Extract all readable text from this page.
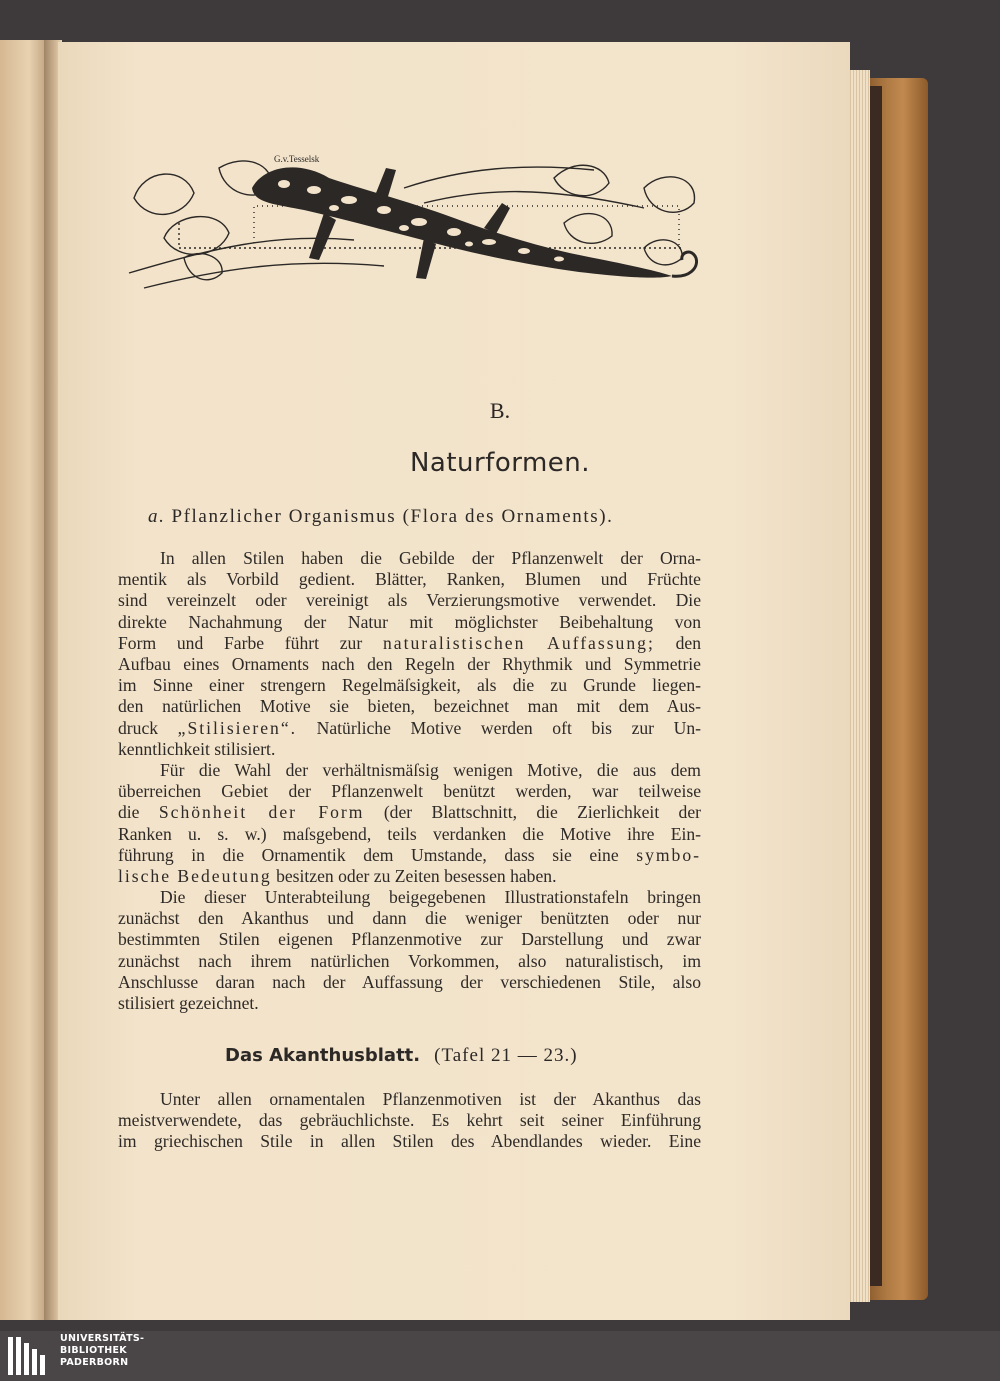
G.v.Tesselsk
B.
Naturformen.
a. Pflanzlicher Organismus (Flora des Ornaments).
In allen Stilen haben die Gebilde der Pflanzenwelt der Orna-
mentik als Vorbild gedient. Blätter, Ranken, Blumen und Früchte
sind vereinzelt oder vereinigt als Verzierungsmotive verwendet. Die
direkte Nachahmung der Natur mit möglichster Beibehaltung von
Form und Farbe führt zur naturalistischen Auffassung; den
Aufbau eines Ornaments nach den Regeln der Rhythmik und Symmetrie
im Sinne einer strengern Regelmäſsigkeit, als die zu Grunde liegen-
den natürlichen Motive sie bieten, bezeichnet man mit dem Aus-
druck „Stilisieren“. Natürliche Motive werden oft bis zur Un-
kenntlichkeit stilisiert.
Für die Wahl der verhältnismäſsig wenigen Motive, die aus dem
überreichen Gebiet der Pflanzenwelt benützt werden, war teilweise
die Schönheit der Form (der Blattschnitt, die Zierlichkeit der
Ranken u. s. w.) maſsgebend, teils verdanken die Motive ihre Ein-
führung in die Ornamentik dem Umstande, dass sie eine symbo-
lische Bedeutung besitzen oder zu Zeiten besessen haben.
Die dieser Unterabteilung beigegebenen Illustrationstafeln bringen
zunächst den Akanthus und dann die weniger benützten oder nur
bestimmten Stilen eigenen Pflanzenmotive zur Darstellung und zwar
zunächst nach ihrem natürlichen Vorkommen, also naturalistisch, im
Anschlusse daran nach der Auffassung der verschiedenen Stile, also
stilisiert gezeichnet.
Das Akanthusblatt. (Tafel 21 — 23.)
Unter allen ornamentalen Pflanzenmotiven ist der Akanthus das
meistverwendete, das gebräuchlichste. Es kehrt seit seiner Einführung
im griechischen Stile in allen Stilen des Abendlandes wieder. Eine
UNIVERSITÄTS-
BIBLIOTHEK
PADERBORN
